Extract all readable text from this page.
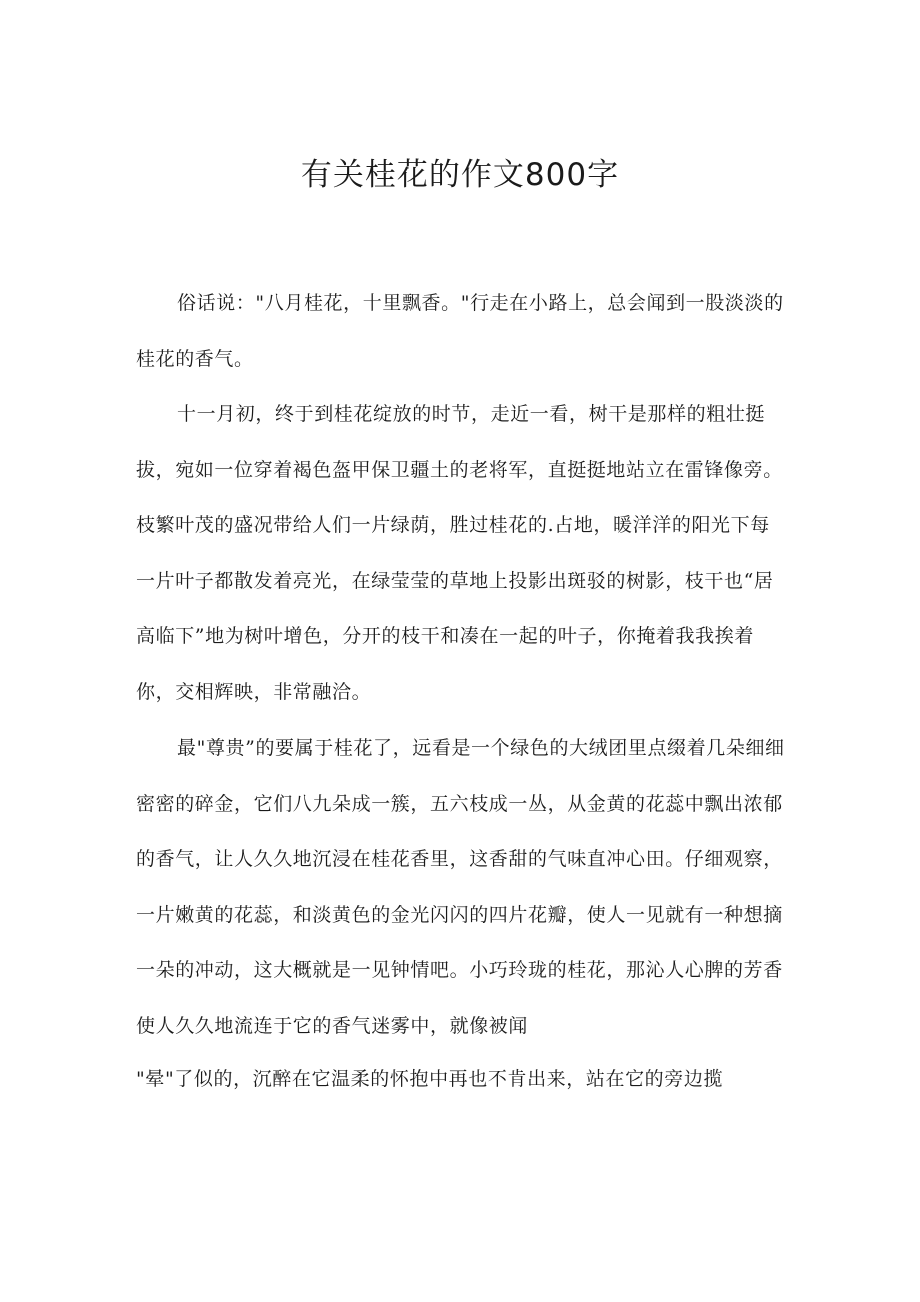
有关桂花的作文800字

俗话说："八月桂花，十里飘香。"行走在小路上，总会闻到一股淡淡的桂花的香气。

十一月初，终于到桂花绽放的时节，走近一看，树干是那样的粗壮挺拔，宛如一位穿着褐色盔甲保卫疆土的老将军，直挺挺地站立在雷锋像旁。枝繁叶茂的盛况带给人们一片绿荫，胜过桂花的.占地，暖洋洋的阳光下每一片叶子都散发着亮光，在绿莹莹的草地上投影出斑驳的树影，枝干也“居高临下”地为树叶增色，分开的枝干和凑在一起的叶子，你掩着我我挨着你，交相辉映，非常融洽。

最"尊贵”的要属于桂花了，远看是一个绿色的大绒团里点缀着几朵细细密密的碎金，它们八九朵成一簇，五六枝成一丛，从金黄的花蕊中飘出浓郁的香气，让人久久地沉浸在桂花香里，这香甜的气味直冲心田。仔细观察，一片嫩黄的花蕊，和淡黄色的金光闪闪的四片花瓣，使人一见就有一种想摘一朵的冲动，这大概就是一见钟情吧。小巧玲珑的桂花，那沁人心脾的芳香使人久久地流连于它的香气迷雾中，就像被闻

"晕"了似的，沉醉在它温柔的怀抱中再也不肯出来，站在它的旁边揽
